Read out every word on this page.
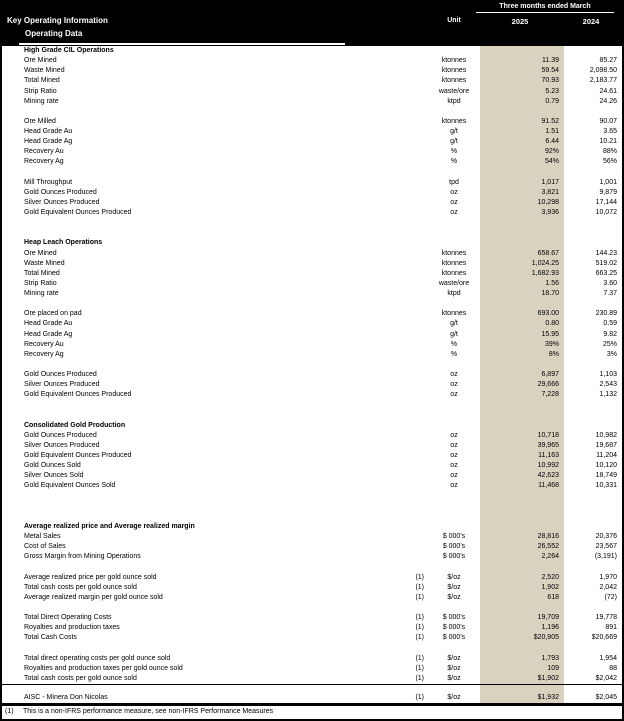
Three months ended March
Key Operating Information	Unit	2025	2024
Operating Data
High Grade CIL Operations
Ore Mined	ktonnes	11.39	85.27
Waste Mined	ktonnes	59.54	2,098.50
Total Mined	ktonnes	70.93	2,183.77
Strip Ratio	waste/ore	5.23	24.61
Mining rate	ktpd	0.79	24.26
Ore Milled	ktonnes	91.52	90.07
Head Grade Au	g/t	1.51	3.65
Head Grade Ag	g/t	6.44	10.21
Recovery Au	%	92%	88%
Recovery Ag	%	54%	56%
Mill Throughput	tpd	1,017	1,001
Gold Ounces Produced	oz	3,821	9,879
Silver Ounces Produced	oz	10,298	17,144
Gold Equivalent Ounces Produced	oz	3,936	10,072
Heap Leach Operations
Ore Mined	ktonnes	658.67	144.23
Waste Mined	ktonnes	1,024.25	519.02
Total Mined	ktonnes	1,682.93	663.25
Strip Ratio	waste/ore	1.56	3.60
Mining rate	ktpd	18.70	7.37
Ore placed on pad	ktonnes	693.00	230.89
Head Grade Au	g/t	0.80	0.59
Head Grade Ag	g/t	15.95	9.82
Recovery Au	%	39%	25%
Recovery Ag	%	8%	3%
Gold Ounces Produced	oz	6,897	1,103
Silver Ounces Produced	oz	29,666	2,543
Gold Equivalent Ounces Produced	oz	7,228	1,132
Consolidated Gold Production
Gold Ounces Produced	oz	10,718	10,982
Silver Ounces Produced	oz	39,965	19,687
Gold Equivalent Ounces Produced	oz	11,163	11,204
Gold Ounces Sold	oz	10,992	10,120
Silver Ounces Sold	oz	42,623	18,749
Gold Equivalent Ounces Sold	oz	11,468	10,331
Average realized price and Average realized margin
Metal Sales	$ 000's	28,816	20,376
Cost of Sales	$ 000's	26,552	23,567
Gross Margin from Mining Operations	$ 000's	2,264	(3,191)
Average realized price per gold ounce sold	(1)	$/oz	2,520	1,970
Total cash costs per gold ounce sold	(1)	$/oz	1,902	2,042
Average realized margin per gold ounce sold	(1)	$/oz	618	(72)
Total Direct Operating Costs	(1)	$ 000's	19,709	19,778
Royalties and production taxes	(1)	$ 000's	1,196	891
Total Cash Costs	(1)	$ 000's	$20,905	$20,669
Total direct operating costs per gold ounce sold	(1)	$/oz	1,793	1,954
Royalties and production taxes per gold ounce sold	(1)	$/oz	109	88
Total cash costs per gold ounce sold	(1)	$/oz	$1,902	$2,042
AISC - Minera Don Nicolas	(1)	$/oz	$1,932	$2,045
(1)	This is a non-IFRS performance measure, see non-IFRS Performance Measures
